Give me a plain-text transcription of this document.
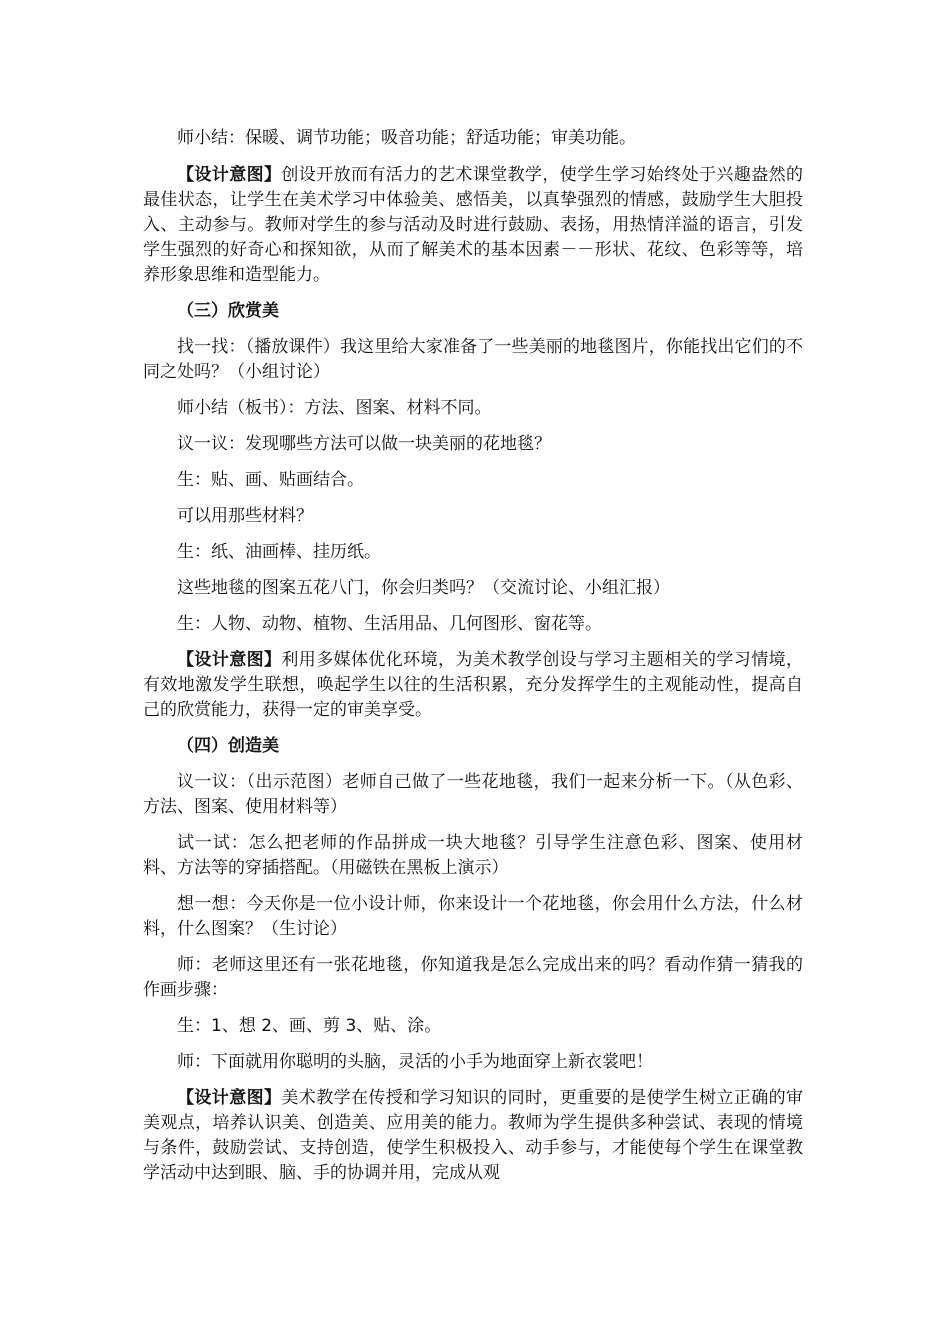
师小结：保暖、调节功能；吸音功能；舒适功能；审美功能。

【设计意图】创设开放而有活力的艺术课堂教学，使学生学习始终处于兴趣盎然的最佳状态，让学生在美术学习中体验美、感悟美，以真挚强烈的情感，鼓励学生大胆投入、主动参与。教师对学生的参与活动及时进行鼓励、表扬，用热情洋溢的语言，引发学生强烈的好奇心和探知欲，从而了解美术的基本因素－－形状、花纹、色彩等等，培养形象思维和造型能力。

（三）欣赏美

找一找：（播放课件）我这里给大家准备了一些美丽的地毯图片，你能找出它们的不同之处吗？（小组讨论）

师小结（板书）：方法、图案、材料不同。

议一议：发现哪些方法可以做一块美丽的花地毯？

生：贴、画、贴画结合。

可以用那些材料？

生：纸、油画棒、挂历纸。

这些地毯的图案五花八门，你会归类吗？（交流讨论、小组汇报）

生：人物、动物、植物、生活用品、几何图形、窗花等。

【设计意图】利用多媒体优化环境，为美术教学创设与学习主题相关的学习情境，有效地激发学生联想，唤起学生以往的生活积累，充分发挥学生的主观能动性，提高自己的欣赏能力，获得一定的审美享受。

（四）创造美

议一议：（出示范图）老师自己做了一些花地毯，我们一起来分析一下。（从色彩、方法、图案、使用材料等）

试一试：怎么把老师的作品拼成一块大地毯？引导学生注意色彩、图案、使用材料、方法等的穿插搭配。（用磁铁在黑板上演示）

想一想：今天你是一位小设计师，你来设计一个花地毯，你会用什么方法，什么材料，什么图案？（生讨论）

师：老师这里还有一张花地毯，你知道我是怎么完成出来的吗？看动作猜一猜我的作画步骤：

生：1、想 2、画、剪 3、贴、涂。

师：下面就用你聪明的头脑，灵活的小手为地面穿上新衣裳吧！

【设计意图】美术教学在传授和学习知识的同时，更重要的是使学生树立正确的审美观点，培养认识美、创造美、应用美的能力。教师为学生提供多种尝试、表现的情境与条件，鼓励尝试、支持创造，使学生积极投入、动手参与，才能使每个学生在课堂教学活动中达到眼、脑、手的协调并用，完成从观
